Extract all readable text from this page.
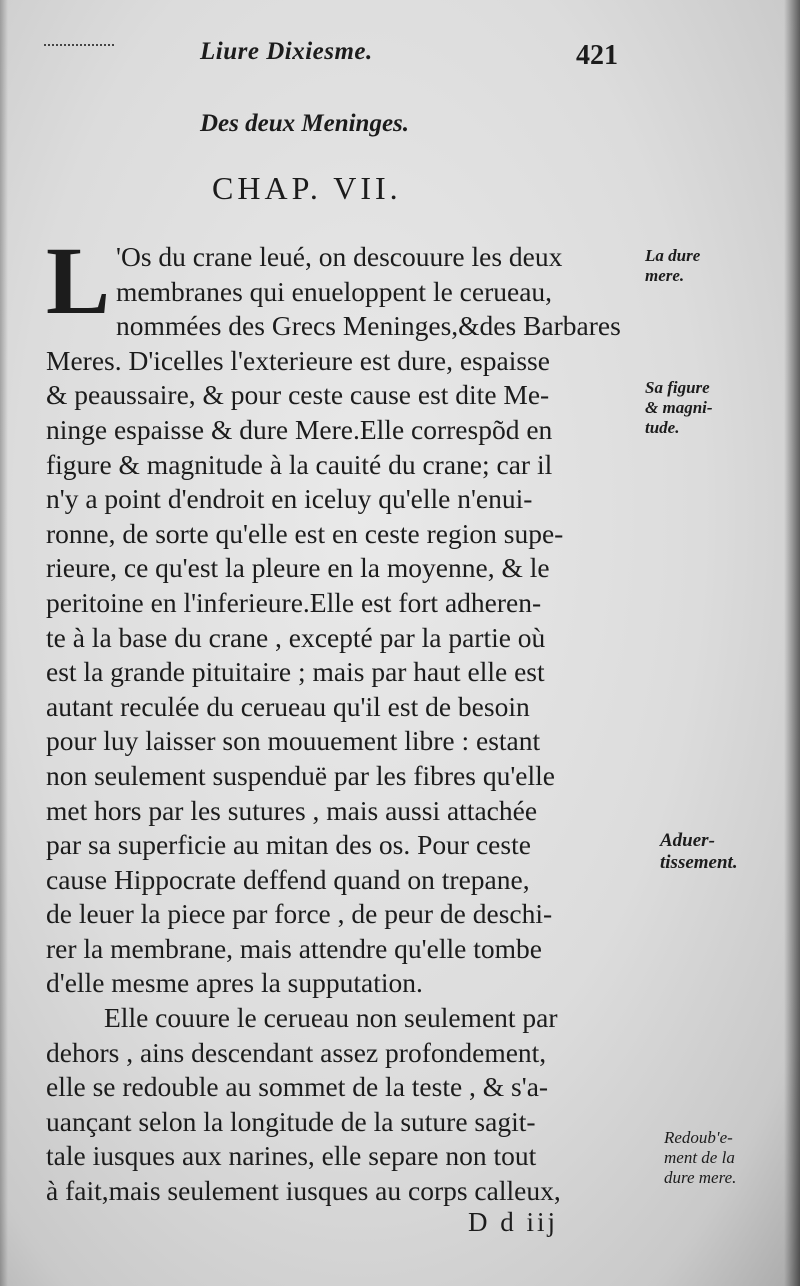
Liure Dixiesme.	421
Des deux Meninges.
CHAP. VII.
L 'Os du crane leué, on descouure les deux
membranes qui enueloppent le cerueau,
nommées des Grecs Meninges,&des Barbares
Meres. D'icelles l'exterieure est dure, espaisse
& peaussaire, & pour ceste cause est dite Me-
ninge espaisse & dure Mere.Elle correspõd en
figure & magnitude à la cauité du crane; car il
n'y a point d'endroit en iceluy qu'elle n'enui-
ronne, de sorte qu'elle est en ceste region supe-
rieure, ce qu'est la pleure en la moyenne, & le
peritoine en l'inferieure.Elle est fort adheren-
te à la base du crane , excepté par la partie où
est la grande pituitaire ; mais par haut elle est
autant reculée du cerueau qu'il est de besoin
pour luy laisser son mouuement libre : estant
non seulement suspenduë par les fibres qu'elle
met hors par les sutures , mais aussi attachée
par sa superficie au mitan des os. Pour ceste
cause Hippocrate deffend quand on trepane,
de leuer la piece par force , de peur de deschi-
rer la membrane, mais attendre qu'elle tombe
d'elle mesme apres la supputation.
Elle couure le cerueau non seulement par
dehors , ains descendant assez profondement,
elle se redouble au sommet de la teste , & s'a-
uançant selon la longitude de la suture sagit-
tale iusques aux narines, elle separe non tout
à fait,mais seulement iusques au corps calleux,
La dure
mere.
Sa figure
& magni-
tude.
Aduer-
tissement.
Redoub'e-
ment de la
dure mere.
D d iij
